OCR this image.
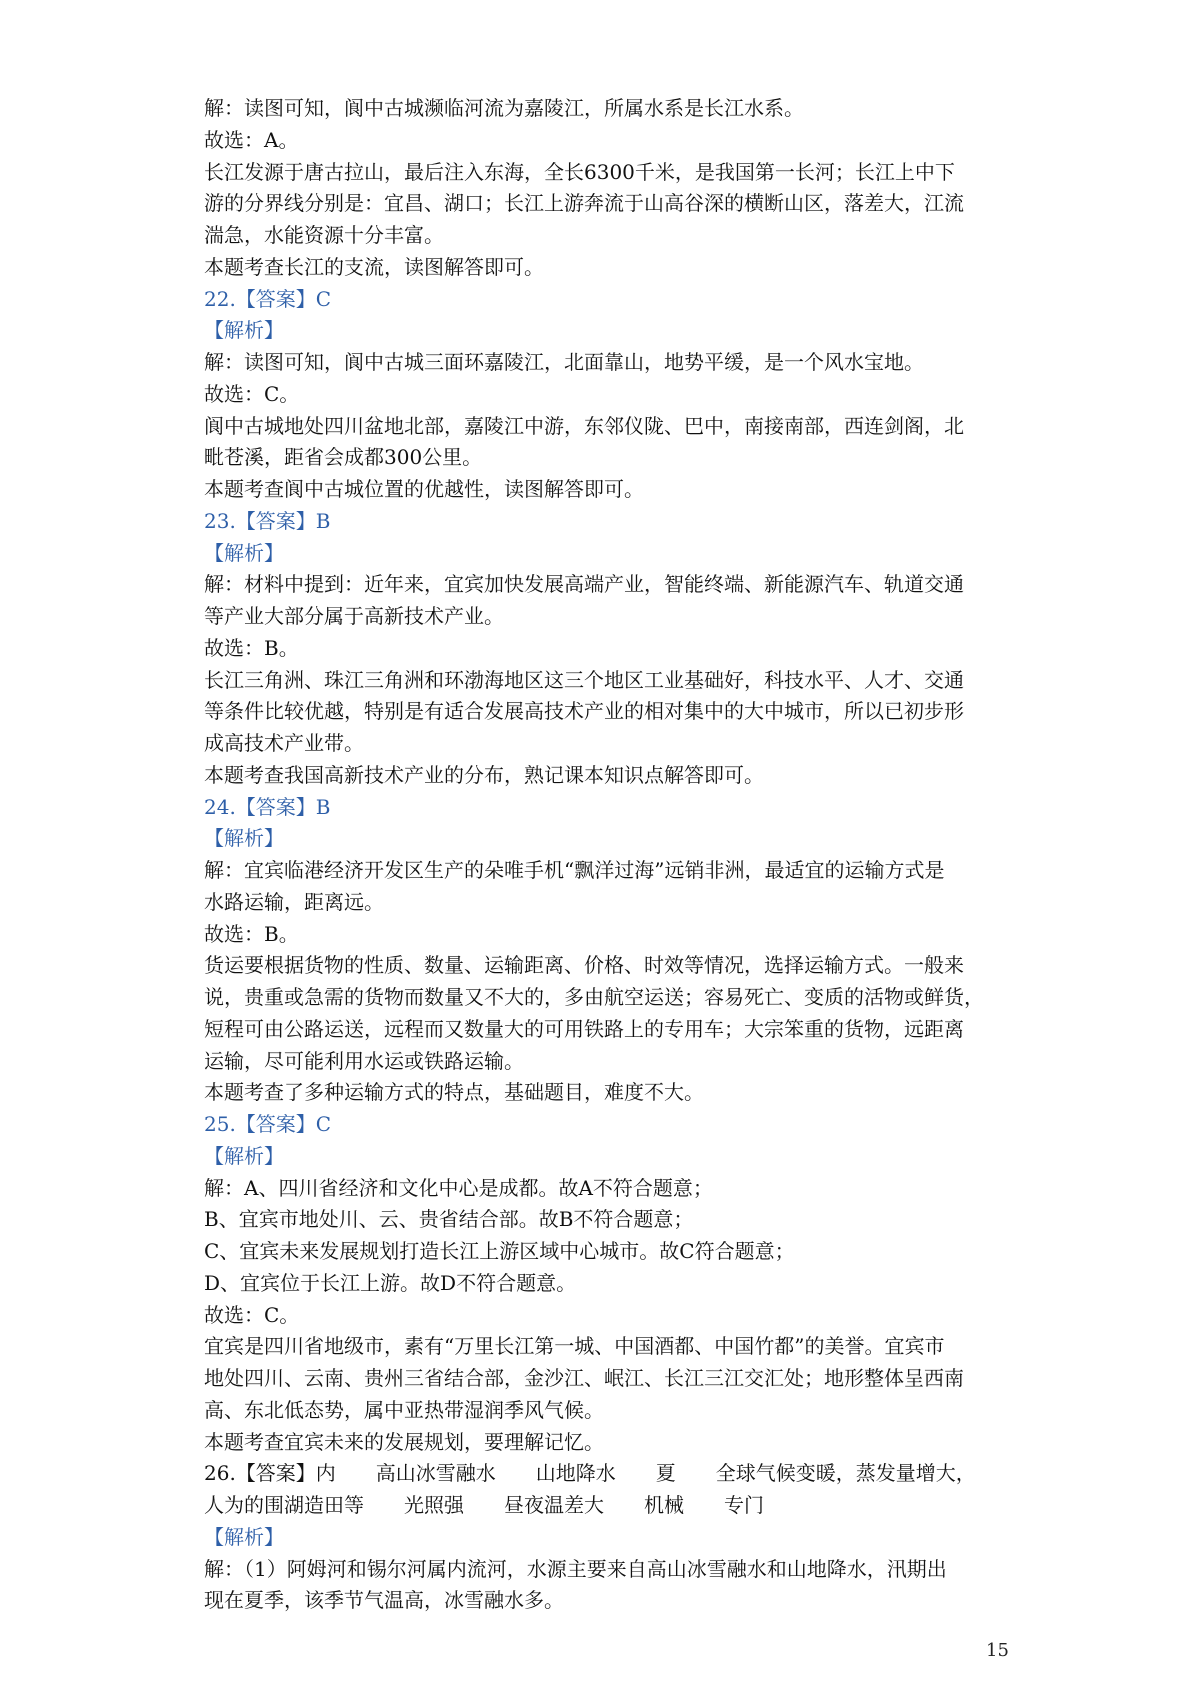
解：读图可知，阆中古城濒临河流为嘉陵江，所属水系是长江水系。
故选：A。
长江发源于唐古拉山，最后注入东海，全长6300千米，是我国第一长河；长江上中下
游的分界线分别是：宜昌、湖口；长江上游奔流于山高谷深的横断山区，落差大，江流
湍急，水能资源十分丰富。
本题考查长江的支流，读图解答即可。
22.【答案】C
【解析】
解：读图可知，阆中古城三面环嘉陵江，北面靠山，地势平缓，是一个风水宝地。
故选：C。
阆中古城地处四川盆地北部，嘉陵江中游，东邻仪陇、巴中，南接南部，西连剑阁，北
毗苍溪，距省会成都300公里。
本题考查阆中古城位置的优越性，读图解答即可。
23.【答案】B
【解析】
解：材料中提到：近年来，宜宾加快发展高端产业，智能终端、新能源汽车、轨道交通
等产业大部分属于高新技术产业。
故选：B。
长江三角洲、珠江三角洲和环渤海地区这三个地区工业基础好，科技水平、人才、交通
等条件比较优越，特别是有适合发展高技术产业的相对集中的大中城市，所以已初步形
成高技术产业带。
本题考查我国高新技术产业的分布，熟记课本知识点解答即可。
24.【答案】B
【解析】
解：宜宾临港经济开发区生产的朵唯手机“飘洋过海”远销非洲，最适宜的运输方式是
水路运输，距离远。
故选：B。
货运要根据货物的性质、数量、运输距离、价格、时效等情况，选择运输方式。一般来
说，贵重或急需的货物而数量又不大的，多由航空运送；容易死亡、变质的活物或鲜货，
短程可由公路运送，远程而又数量大的可用铁路上的专用车；大宗笨重的货物，远距离
运输，尽可能利用水运或铁路运输。
本题考查了多种运输方式的特点，基础题目，难度不大。
25.【答案】C
【解析】
解：A、四川省经济和文化中心是成都。故A不符合题意；
B、宜宾市地处川、云、贵省结合部。故B不符合题意；
C、宜宾未来发展规划打造长江上游区域中心城市。故C符合题意；
D、宜宾位于长江上游。故D不符合题意。
故选：C。
宜宾是四川省地级市，素有“万里长江第一城、中国酒都、中国竹都”的美誉。宜宾市
地处四川、云南、贵州三省结合部，金沙江、岷江、长江三江交汇处；地形整体呈西南
高、东北低态势，属中亚热带湿润季风气候。
本题考查宜宾未来的发展规划，要理解记忆。
26.【答案】内　　高山冰雪融水　　山地降水　　夏　　全球气候变暖，蒸发量增大，
人为的围湖造田等　　光照强　　昼夜温差大　　机械　　专门
【解析】
解：（1）阿姆河和锡尔河属内流河，水源主要来自高山冰雪融水和山地降水，汛期出
现在夏季，该季节气温高，冰雪融水多。
15
